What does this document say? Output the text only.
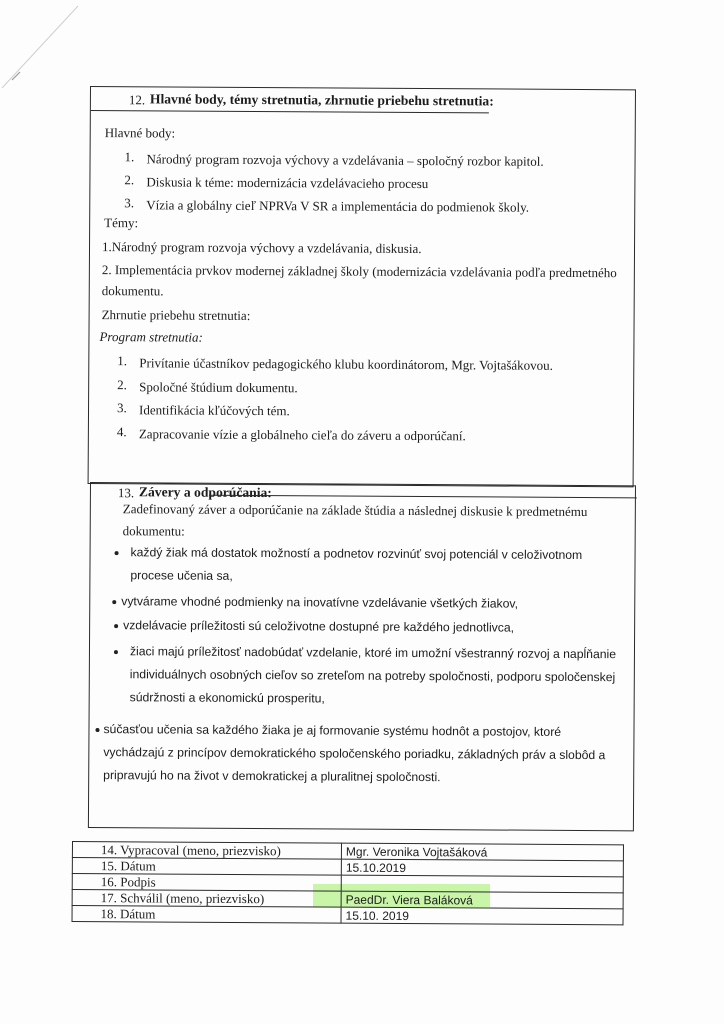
12. Hlavné body, témy stretnutia, zhrnutie priebehu stretnutia:
Hlavné body:
1. Národný program rozvoja výchovy a vzdelávania – spoločný rozbor kapitol.
2. Diskusia k téme: modernizácia vzdelávacieho procesu
3. Vízia a globálny cieľ NPRVa V SR a implementácia do podmienok školy.
Témy:
1.Národný program rozvoja výchovy a vzdelávania, diskusia.
2. Implementácia prvkov modernej základnej školy (modernizácia vzdelávania podľa predmetného
dokumentu.
Zhrnutie priebehu stretnutia:
Program stretnutia:
1. Privítanie účastníkov pedagogického klubu koordinátorom, Mgr. Vojtašákovou.
2. Spoločné štúdium dokumentu.
3. Identifikácia kľúčových tém.
4. Zapracovanie vízie a globálneho cieľa do záveru a odporúčaní.
13. Závery a odporúčania:
Zadefinovaný záver a odporúčanie na základe štúdia a následnej diskusie k predmetnému
dokumentu:
každý žiak má dostatok možností a podnetov rozvinúť svoj potenciál v celoživotnom
procese učenia sa,
vytvárame vhodné podmienky na inovatívne vzdelávanie všetkých žiakov,
vzdelávacie príležitosti sú celoživotne dostupné pre každého jednotlivca,
žiaci majú príležitosť nadobúdať vzdelanie, ktoré im umožní všestranný rozvoj a napĺňanie
individuálnych osobných cieľov so zreteľom na potreby spoločnosti, podporu spoločenskej
súdržnosti a ekonomickú prosperitu,
súčasťou učenia sa každého žiaka je aj formovanie systému hodnôt a postojov, ktoré
vychádzajú z princípov demokratického spoločenského poriadku, základných práv a slobôd a
pripravujú ho na život v demokratickej a pluralitnej spoločnosti.
14. Vypracoval (meno, priezvisko)	Mgr. Veronika Vojtašáková
15. Dátum	15.10.2019
16. Podpis	
17. Schválil (meno, priezvisko)	PaedDr. Viera Baláková
18. Dátum	15.10. 2019
